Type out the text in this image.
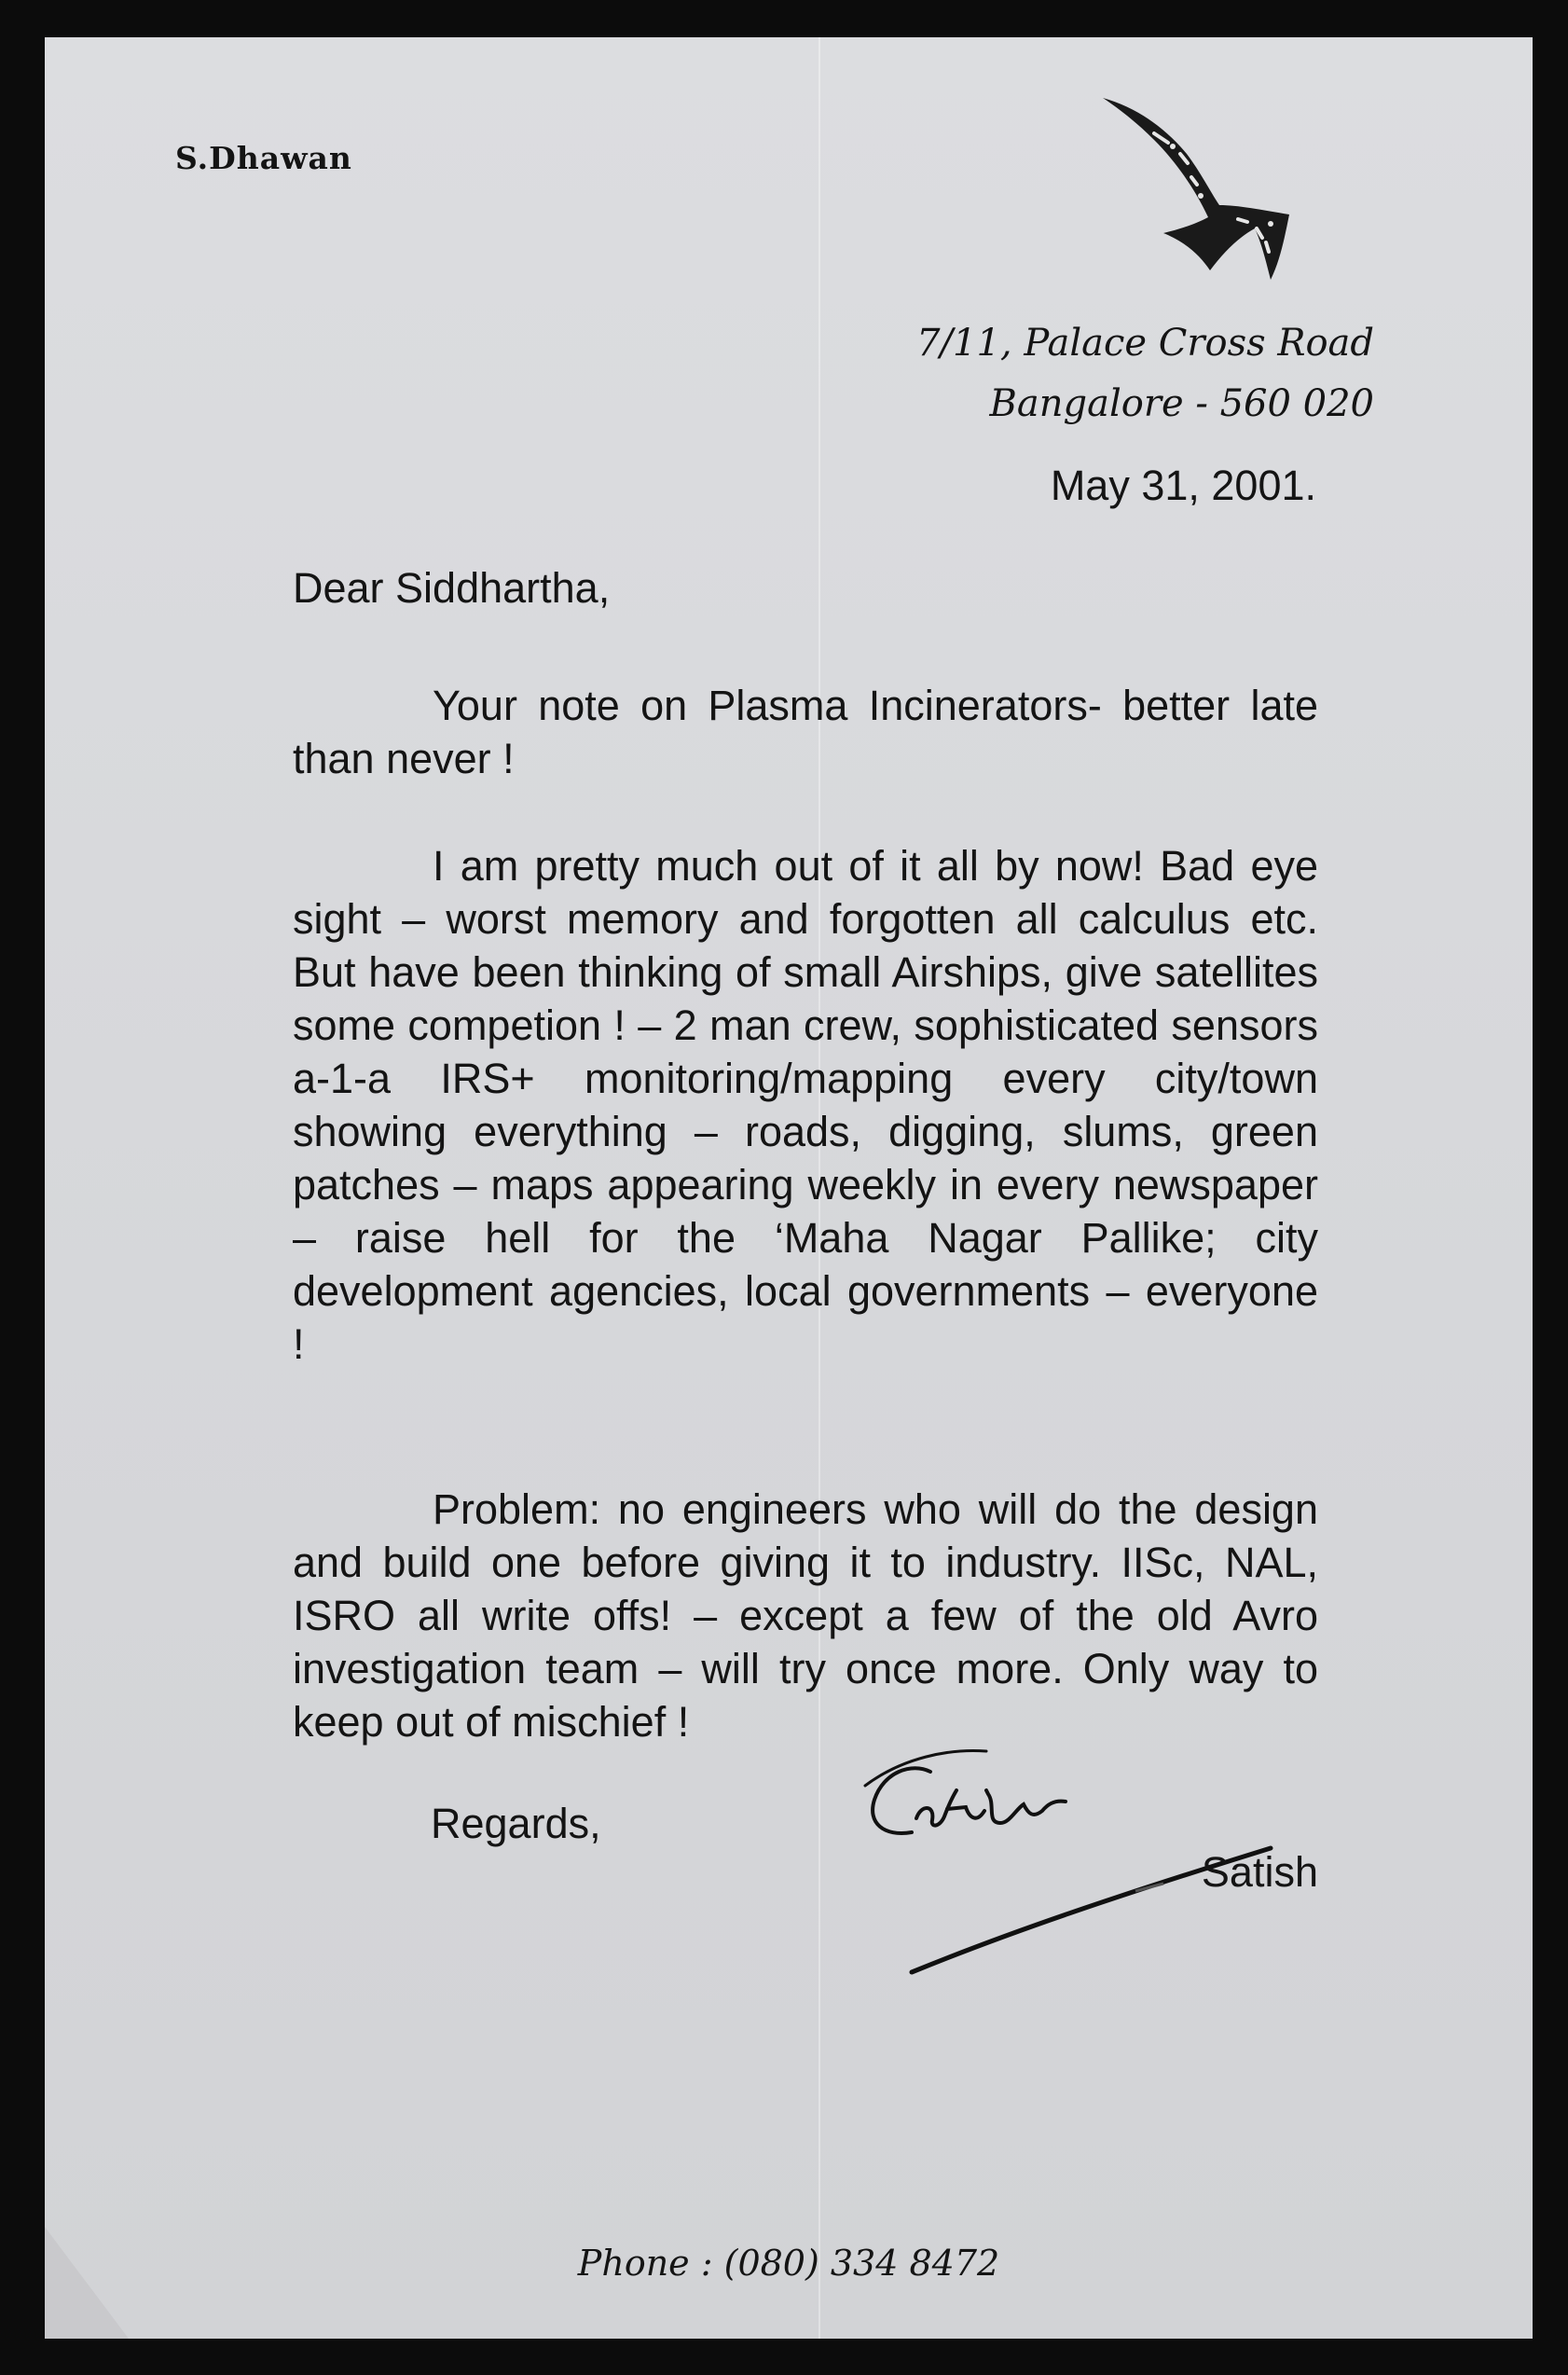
S.Dhawan
7/11, Palace Cross Road
Bangalore - 560 020
May 31, 2001.
Dear Siddhartha,

Your note on Plasma Incinerators- better late than never !

I am pretty much out of it all by now! Bad eye sight – worst memory and forgotten all calculus etc. But have been thinking of small Airships, give satellites some competion ! – 2 man crew, sophisticated sensors a-1-a IRS+ monitoring/mapping every city/town showing everything – roads, digging, slums, green patches – maps appearing weekly in every newspaper – raise hell for the ‘Maha Nagar Pallike; city development agencies, local governments – everyone !

Problem: no engineers who will do the design and build one before giving it to industry. IISc, NAL, ISRO all write offs! – except a few of the old Avro investigation team – will try once more. Only way to keep out of mischief !

Regards,
Satish
Phone : (080) 334 8472
